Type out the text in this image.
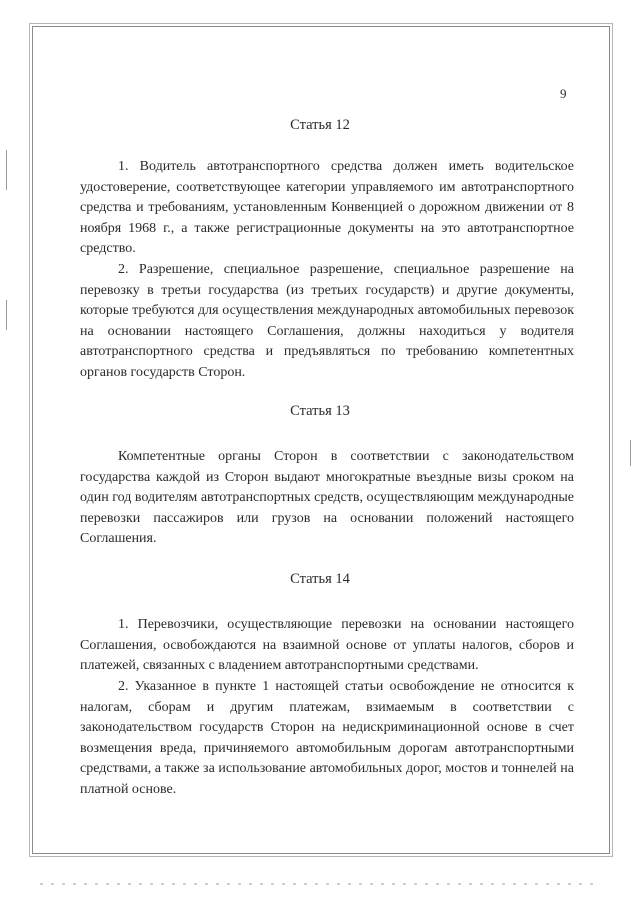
9
Статья 12

1. Водитель автотранспортного средства должен иметь водительское удостоверение, соответствующее категории управляемого им автотранспортного средства и требованиям, установленным Конвенцией о дорожном движении от 8 ноября 1968 г., а также регистрационные документы на это автотранспортное средство.

2. Разрешение, специальное разрешение, специальное разрешение на перевозку в третьи государства (из третьих государств) и другие документы, которые требуются для осуществления международных автомобильных перевозок на основании настоящего Соглашения, должны находиться у водителя автотранспортного средства и предъявляться по требованию компетентных органов государств Сторон.

Статья 13

Компетентные органы Сторон в соответствии с законодательством государства каждой из Сторон выдают многократные въездные визы сроком на один год водителям автотранспортных средств, осуществляющим международные перевозки пассажиров или грузов на основании положений настоящего Соглашения.

Статья 14

1. Перевозчики, осуществляющие перевозки на основании настоящего Соглашения, освобождаются на взаимной основе от уплаты налогов, сборов и платежей, связанных с владением автотранспортными средствами.

2. Указанное в пункте 1 настоящей статьи освобождение не относится к налогам, сборам и другим платежам, взимаемым в соответствии с законодательством государств Сторон на недискриминационной основе в счет возмещения вреда, причиняемого автомобильным дорогам автотранспортными средствами, а также за использование автомобильных дорог, мостов и тоннелей на платной основе.
